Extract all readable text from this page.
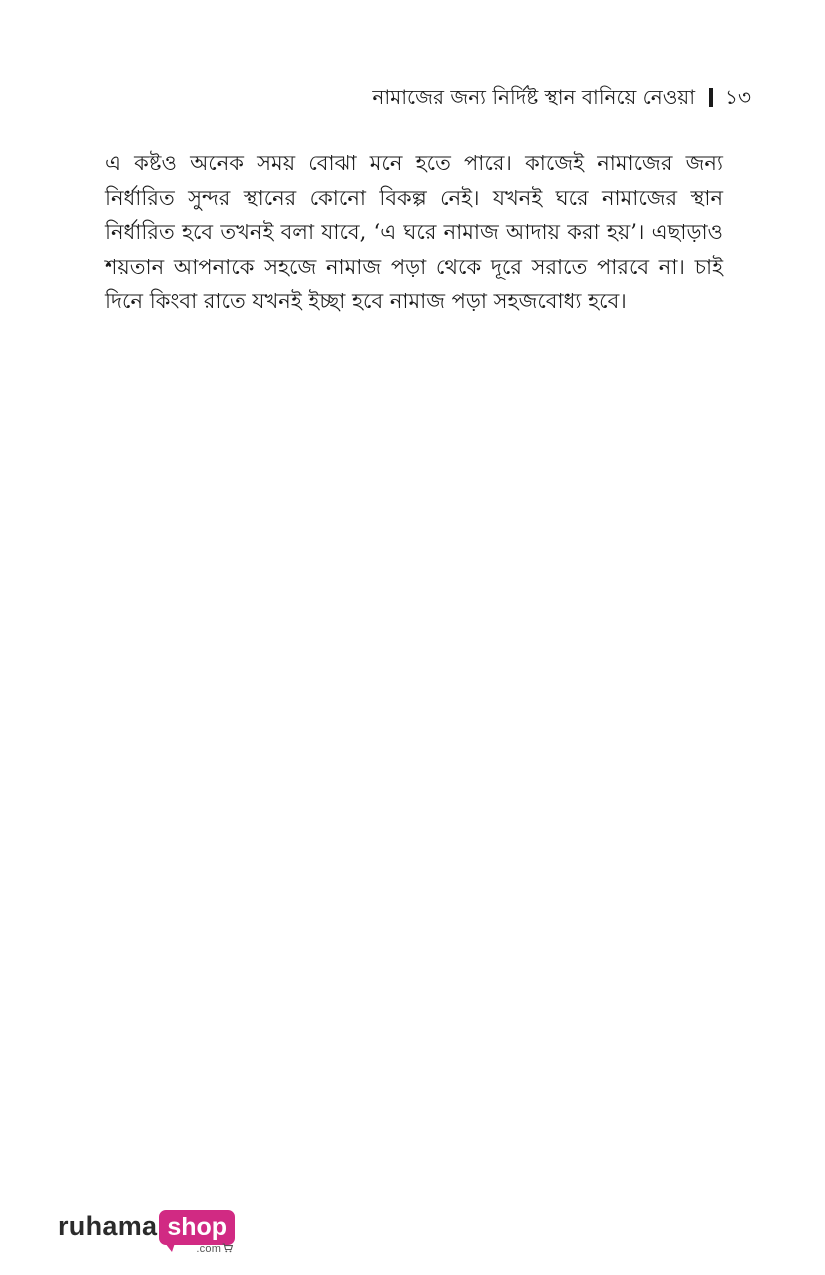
নামাজের জন্য নির্দিষ্ট স্থান বানিয়ে নেওয়া ১৩

এ কষ্টও অনেক সময় বোঝা মনে হতে পারে। কাজেই নামাজের জন্য নির্ধারিত সুন্দর স্থানের কোনো বিকল্প নেই। যখনই ঘরে নামাজের স্থান নির্ধারিত হবে তখনই বলা যাবে, ‘এ ঘরে নামাজ আদায় করা হয়’। এছাড়াও শয়তান আপনাকে সহজে নামাজ পড়া থেকে দূরে সরাতে পারবে না। চাই দিনে কিংবা রাতে যখনই ইচ্ছা হবে নামাজ পড়া সহজবোধ্য হবে।

ruhama shop
.com
